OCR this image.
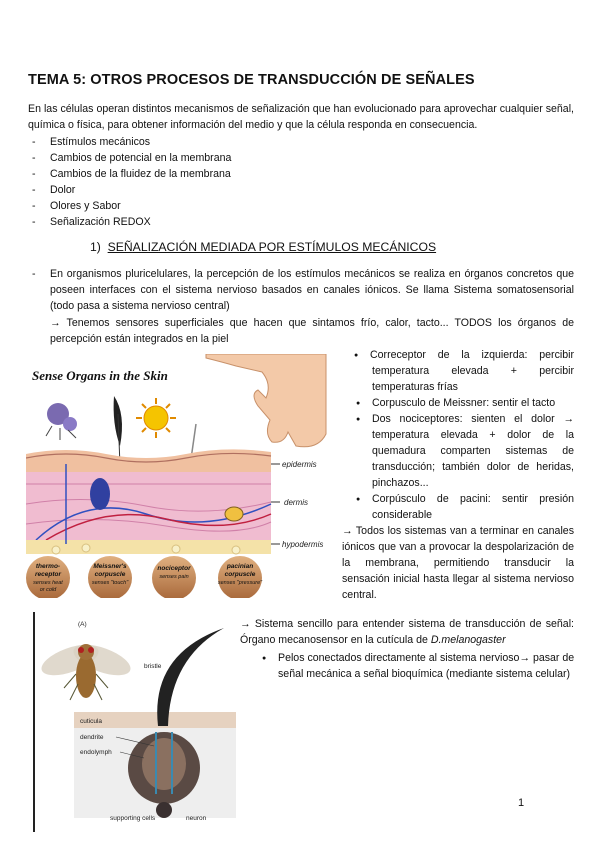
TEMA 5: OTROS PROCESOS DE TRANSDUCCIÓN DE SEÑALES
En las células operan distintos mecanismos de señalización que han evolucionado para aprovechar cualquier señal, química o física, para obtener información del medio y que la célula responda en consecuencia.
- Estímulos mecánicos
- Cambios de potencial en la membrana
- Cambios de la fluidez de la membrana
- Dolor
- Olores y Sabor
- Señalización REDOX
1) SEÑALIZACIÓN MEDIADA POR ESTÍMULOS MECÁNICOS
- En organismos pluricelulares, la percepción de los estímulos mecánicos se realiza en órganos concretos que poseen interfaces con el sistema nervioso basados en canales iónicos. Se llama Sistema somatosensorial (todo pasa a sistema nervioso central)
→ Tenemos sensores superficiales que hacen que sintamos frío, calor, tacto... TODOS los órganos de percepción están integrados en la piel
Sense Organs in the Skin
epidermis
dermis
hypodermis
thermo-
receptor
senses heat
or cold
Meissner's
corpuscle
senses "touch"
nociceptor
senses pain
pacinian
corpuscle
senses "pressure"
● Correceptor de la izquierda: percibir temperatura elevada + percibir temperaturas frías
● Corpusculo de Meissner: sentir el tacto
● Dos nociceptores: sienten el dolor → temperatura elevada + dolor de la quemadura comparten sistemas de transducción; también dolor de heridas, pinchazos...
● Corpúsculo de pacini: sentir presión considerable
→ Todos los sistemas van a terminar en canales iónicos que van a provocar la despolarización de la membrana, permitiendo transducir la sensación inicial hasta llegar al sistema nervioso central.
(A)
bristle
cuticula
dendrite
endolymph
supporting cells	neuron
→ Sistema sencillo para entender sistema de transducción de señal: Órgano mecanosensor en la cutícula de D.melanogaster
● Pelos conectados directamente al sistema nervioso→ pasar de señal mecánica a señal bioquímica (mediante sistema celular)
1
